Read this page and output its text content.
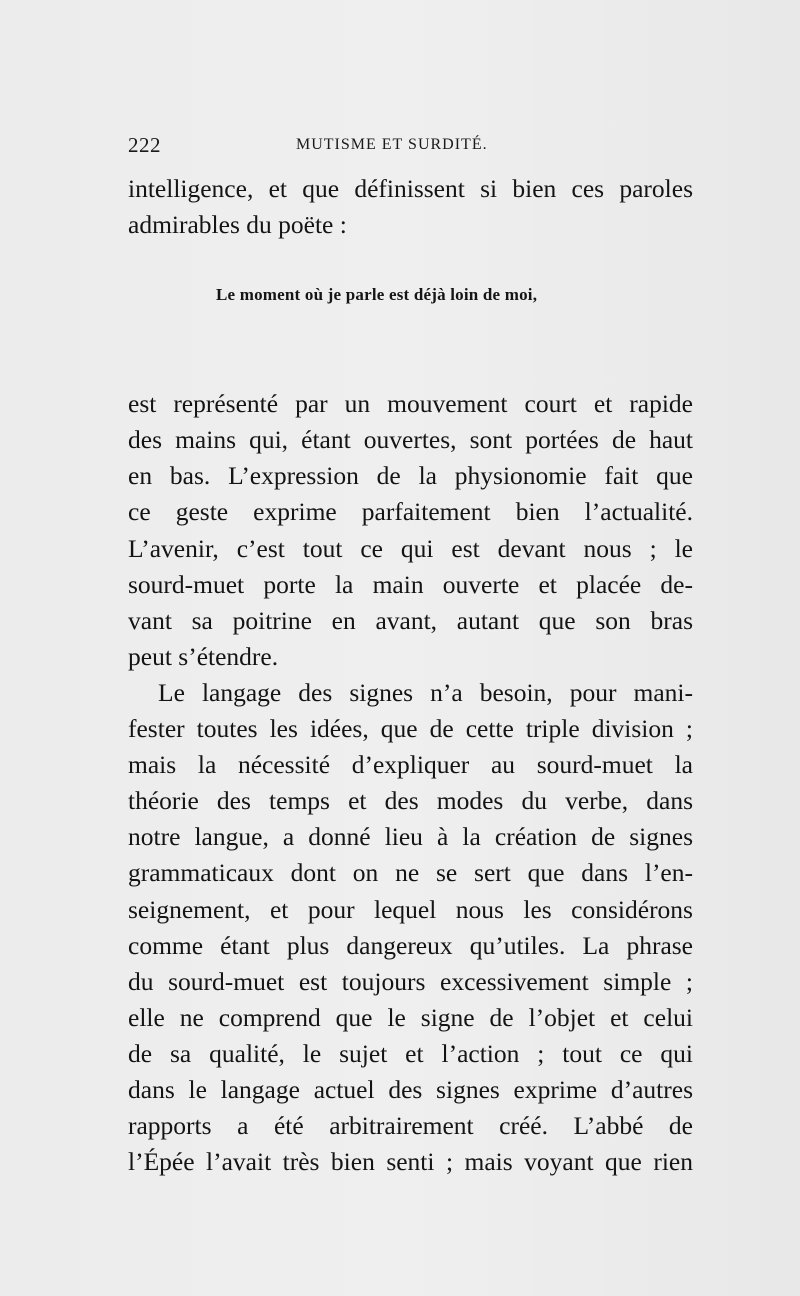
222	MUTISME ET SURDITÉ.
intelligence, et que définissent si bien ces paroles
admirables du poëte :
Le moment où je parle est déjà loin de moi,
est représenté par un mouvement court et rapide
des mains qui, étant ouvertes, sont portées de haut
en bas. L’expression de la physionomie fait que
ce geste exprime parfaitement bien l’actualité.
L’avenir, c’est tout ce qui est devant nous ; le
sourd-muet porte la main ouverte et placée de-
vant sa poitrine en avant, autant que son bras
peut s’étendre.
Le langage des signes n’a besoin, pour mani-
fester toutes les idées, que de cette triple division ;
mais la nécessité d’expliquer au sourd-muet la
théorie des temps et des modes du verbe, dans
notre langue, a donné lieu à la création de signes
grammaticaux dont on ne se sert que dans l’en-
seignement, et pour lequel nous les considérons
comme étant plus dangereux qu’utiles. La phrase
du sourd-muet est toujours excessivement simple ;
elle ne comprend que le signe de l’objet et celui
de sa qualité, le sujet et l’action ; tout ce qui
dans le langage actuel des signes exprime d’autres
rapports a été arbitrairement créé. L’abbé de
l’Épée l’avait très bien senti ; mais voyant que rien
